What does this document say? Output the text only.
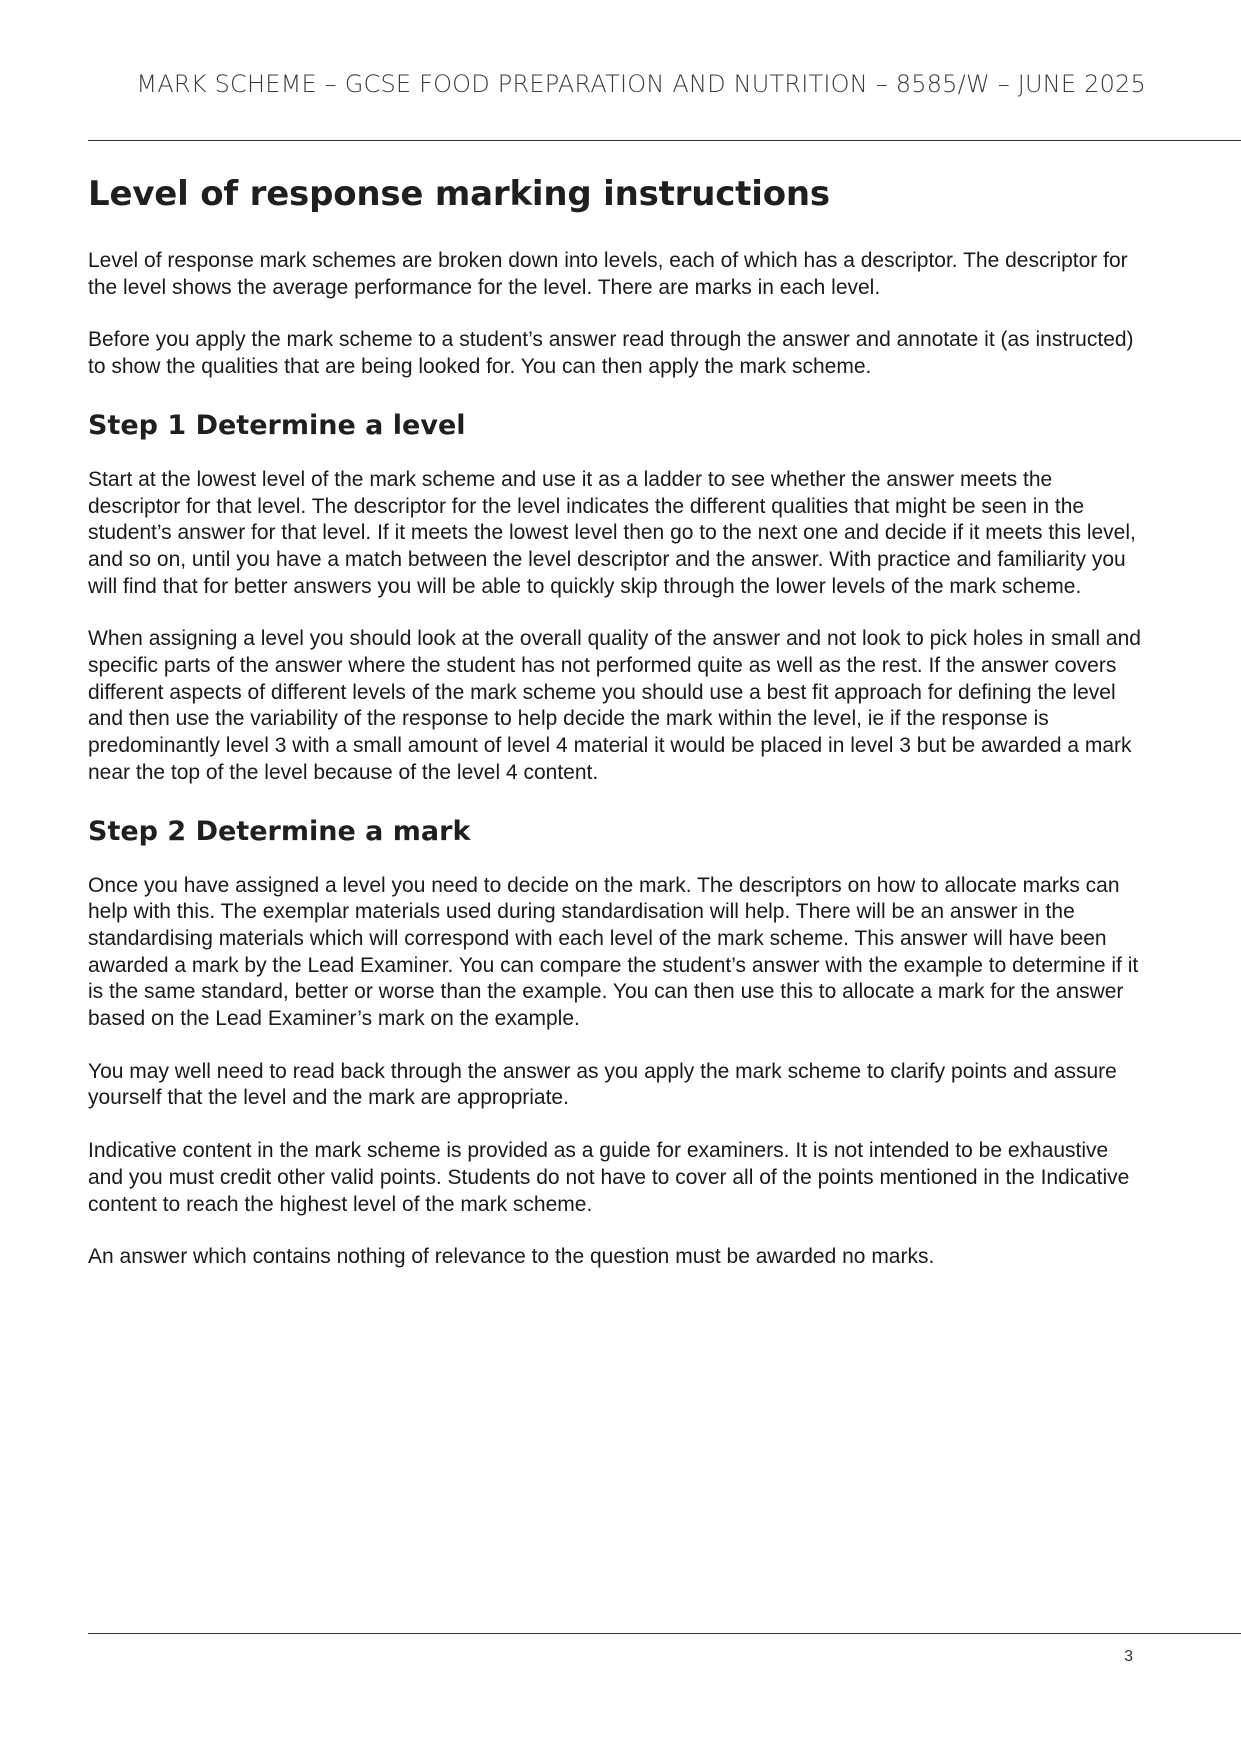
MARK SCHEME – GCSE FOOD PREPARATION AND NUTRITION – 8585/W – JUNE 2025
Level of response marking instructions

Level of response mark schemes are broken down into levels, each of which has a descriptor. The descriptor for the level shows the average performance for the level. There are marks in each level.

Before you apply the mark scheme to a student’s answer read through the answer and annotate it (as instructed) to show the qualities that are being looked for. You can then apply the mark scheme.

Step 1 Determine a level

Start at the lowest level of the mark scheme and use it as a ladder to see whether the answer meets the descriptor for that level. The descriptor for the level indicates the different qualities that might be seen in the student’s answer for that level. If it meets the lowest level then go to the next one and decide if it meets this level, and so on, until you have a match between the level descriptor and the answer. With practice and familiarity you will find that for better answers you will be able to quickly skip through the lower levels of the mark scheme.

When assigning a level you should look at the overall quality of the answer and not look to pick holes in small and specific parts of the answer where the student has not performed quite as well as the rest. If the answer covers different aspects of different levels of the mark scheme you should use a best fit approach for defining the level and then use the variability of the response to help decide the mark within the level, ie if the response is predominantly level 3 with a small amount of level 4 material it would be placed in level 3 but be awarded a mark near the top of the level because of the level 4 content.

Step 2 Determine a mark

Once you have assigned a level you need to decide on the mark. The descriptors on how to allocate marks can help with this. The exemplar materials used during standardisation will help. There will be an answer in the standardising materials which will correspond with each level of the mark scheme. This answer will have been awarded a mark by the Lead Examiner. You can compare the student’s answer with the example to determine if it is the same standard, better or worse than the example. You can then use this to allocate a mark for the answer based on the Lead Examiner’s mark on the example.

You may well need to read back through the answer as you apply the mark scheme to clarify points and assure yourself that the level and the mark are appropriate.

Indicative content in the mark scheme is provided as a guide for examiners. It is not intended to be exhaustive and you must credit other valid points. Students do not have to cover all of the points mentioned in the Indicative content to reach the highest level of the mark scheme.

An answer which contains nothing of relevance to the question must be awarded no marks.

3
